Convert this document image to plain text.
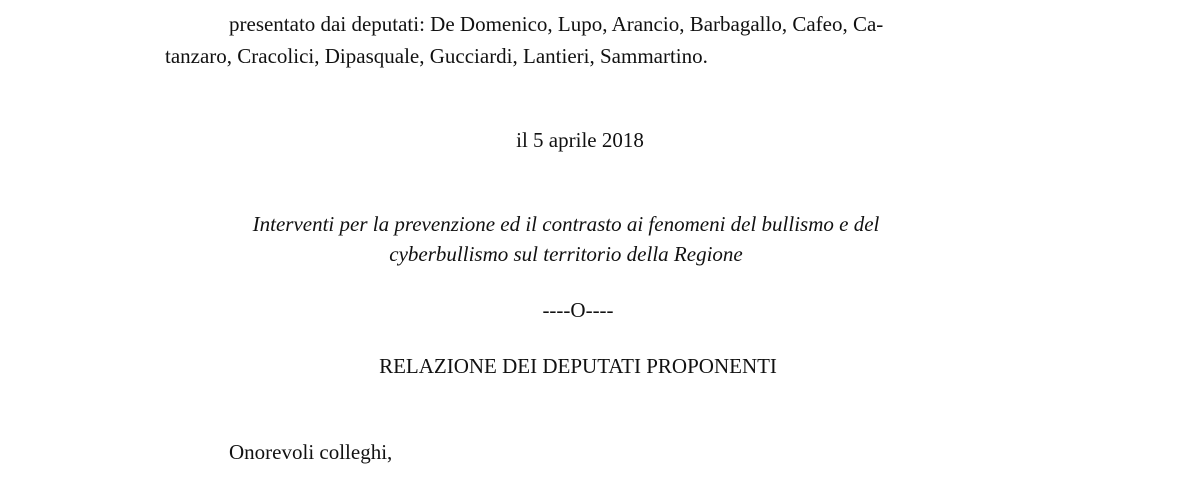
presentato dai deputati: De Domenico, Lupo, Arancio, Barbagallo, Cafeo, Ca-

tanzaro, Cracolici, Dipasquale, Gucciardi, Lantieri, Sammartino.

il 5 aprile 2018

Interventi per la prevenzione ed il contrasto ai fenomeni del bullismo e del

cyberbullismo sul territorio della Regione

----O----

RELAZIONE DEI DEPUTATI PROPONENTI

Onorevoli colleghi,
